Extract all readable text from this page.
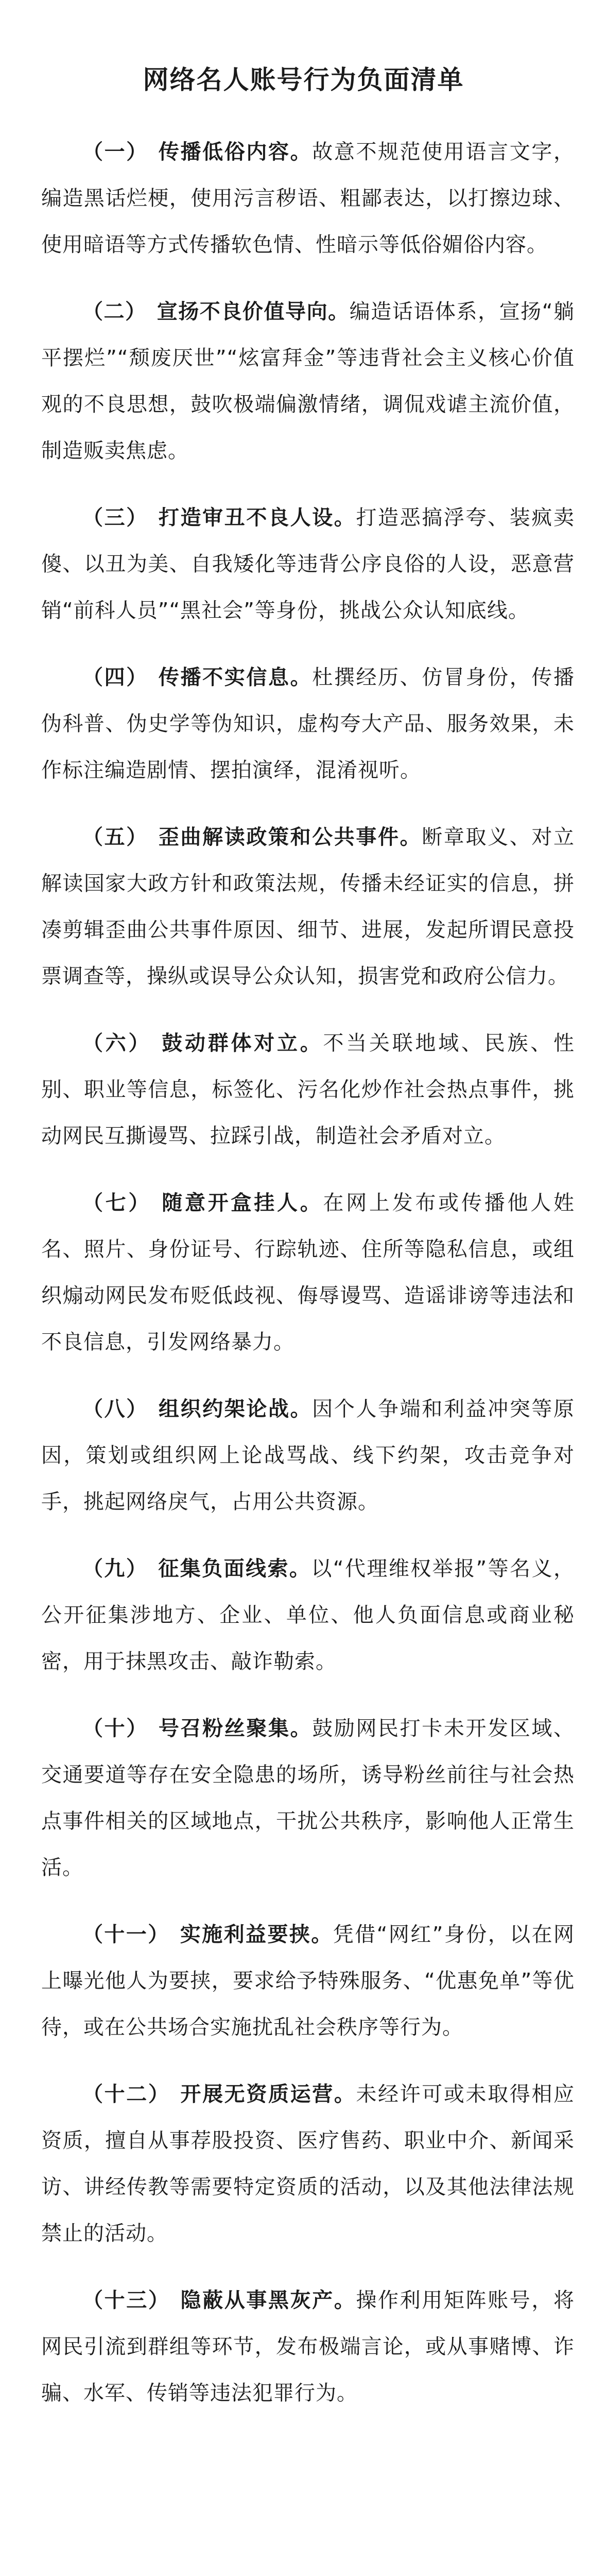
网络名人账号行为负面清单
（一） 传播低俗内容。故意不规范使用语言文字，编造黑话烂梗，使用污言秽语、粗鄙表达，以打擦边球、使用暗语等方式传播软色情、性暗示等低俗媚俗内容。
（二） 宣扬不良价值导向。编造话语体系，宣扬“躺平摆烂”“颓废厌世”“炫富拜金”等违背社会主义核心价值观的不良思想，鼓吹极端偏激情绪，调侃戏谑主流价值，制造贩卖焦虑。
（三） 打造审丑不良人设。打造恶搞浮夸、装疯卖傻、以丑为美、自我矮化等违背公序良俗的人设，恶意营销“前科人员”“黑社会”等身份，挑战公众认知底线。
（四） 传播不实信息。杜撰经历、仿冒身份，传播伪科普、伪史学等伪知识，虚构夸大产品、服务效果，未作标注编造剧情、摆拍演绎，混淆视听。
（五） 歪曲解读政策和公共事件。断章取义、对立解读国家大政方针和政策法规，传播未经证实的信息，拼凑剪辑歪曲公共事件原因、细节、进展，发起所谓民意投票调查等，操纵或误导公众认知，损害党和政府公信力。
（六） 鼓动群体对立。不当关联地域、民族、性别、职业等信息，标签化、污名化炒作社会热点事件，挑动网民互撕谩骂、拉踩引战，制造社会矛盾对立。
（七） 随意开盒挂人。在网上发布或传播他人姓名、照片、身份证号、行踪轨迹、住所等隐私信息，或组织煽动网民发布贬低歧视、侮辱谩骂、造谣诽谤等违法和不良信息，引发网络暴力。
（八） 组织约架论战。因个人争端和利益冲突等原因，策划或组织网上论战骂战、线下约架，攻击竞争对手，挑起网络戾气，占用公共资源。
（九） 征集负面线索。以“代理维权举报”等名义，公开征集涉地方、企业、单位、他人负面信息或商业秘密，用于抹黑攻击、敲诈勒索。
（十） 号召粉丝聚集。鼓励网民打卡未开发区域、交通要道等存在安全隐患的场所，诱导粉丝前往与社会热点事件相关的区域地点，干扰公共秩序，影响他人正常生活。
（十一） 实施利益要挟。凭借“网红”身份，以在网上曝光他人为要挟，要求给予特殊服务、“优惠免单”等优待，或在公共场合实施扰乱社会秩序等行为。
（十二） 开展无资质运营。未经许可或未取得相应资质，擅自从事荐股投资、医疗售药、职业中介、新闻采访、讲经传教等需要特定资质的活动，以及其他法律法规禁止的活动。
（十三） 隐蔽从事黑灰产。操作利用矩阵账号，将网民引流到群组等环节，发布极端言论，或从事赌博、诈骗、水军、传销等违法犯罪行为。
